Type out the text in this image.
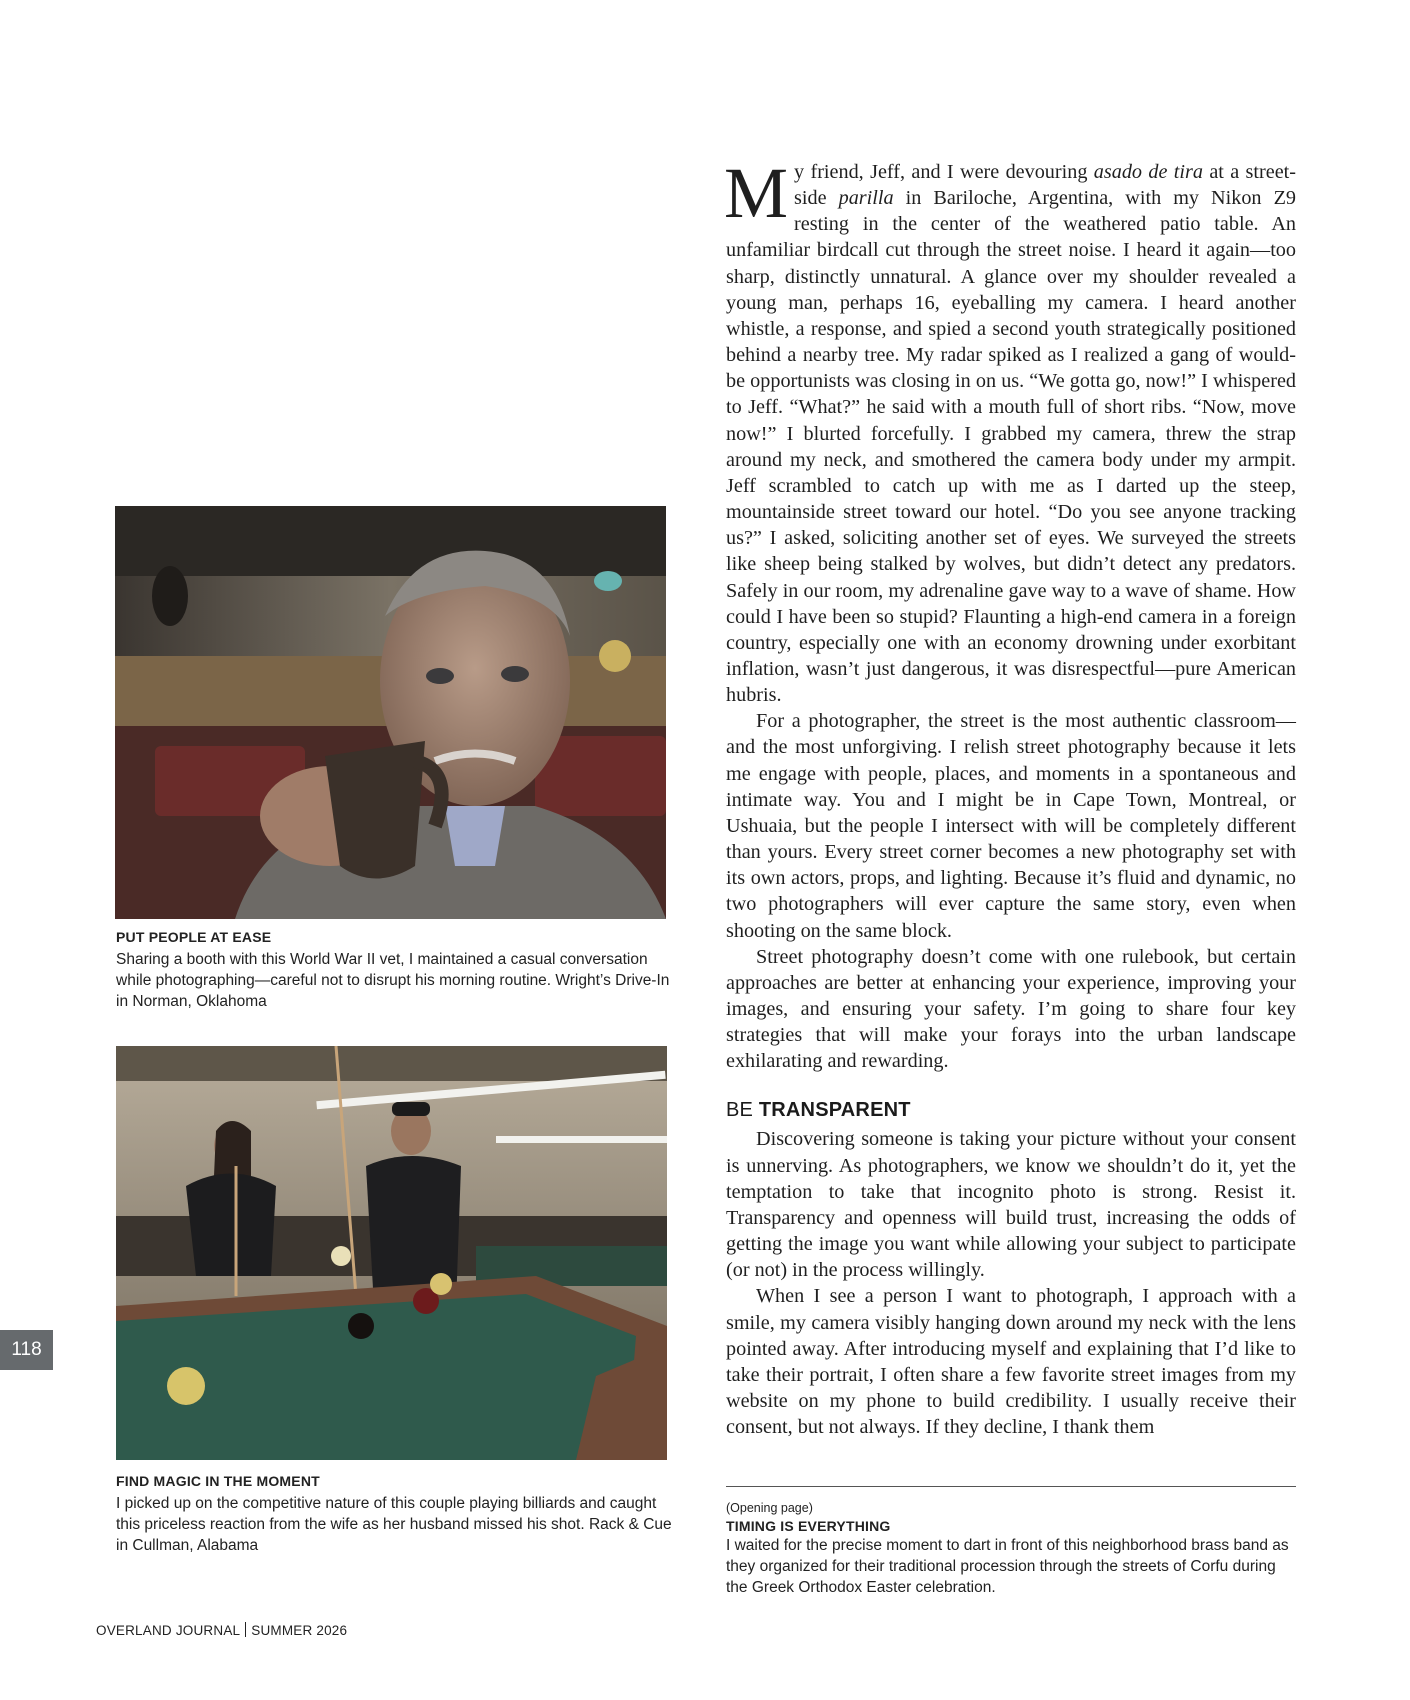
PUT PEOPLE AT EASE
Sharing a booth with this World War II vet, I maintained a casual conversation while photographing—careful not to disrupt his morning routine. Wright’s Drive-In in Norman, Oklahoma
FIND MAGIC IN THE MOMENT
I picked up on the competitive nature of this couple playing billiards and caught this priceless reaction from the wife as her husband missed his shot. Rack & Cue in Cullman, Alabama
118
OVERLAND JOURNAL SUMMER 2026

My friend, Jeff, and I were devouring asado de tira at a street-side parilla in Bariloche, Argentina, with my Nikon Z9 resting in the center of the weathered patio table. An unfamiliar birdcall cut through the street noise. I heard it again—too sharp, distinctly unnatural. A glance over my shoulder revealed a young man, perhaps 16, eyeballing my camera. I heard another whistle, a response, and spied a second youth strategically positioned behind a nearby tree. My radar spiked as I realized a gang of would-be opportunists was closing in on us. “We gotta go, now!” I whispered to Jeff. “What?” he said with a mouth full of short ribs. “Now, move now!” I blurted forcefully. I grabbed my camera, threw the strap around my neck, and smothered the camera body under my armpit. Jeff scrambled to catch up with me as I darted up the steep, mountainside street toward our hotel. “Do you see anyone tracking us?” I asked, soliciting another set of eyes. We surveyed the streets like sheep being stalked by wolves, but didn’t detect any predators. Safely in our room, my adrenaline gave way to a wave of shame. How could I have been so stupid? Flaunting a high-end camera in a foreign country, especially one with an economy drowning under exorbitant inflation, wasn’t just dangerous, it was disrespectful—pure American hubris.

For a photographer, the street is the most authentic classroom—and the most unforgiving. I relish street photography because it lets me engage with people, places, and moments in a spontaneous and intimate way. You and I might be in Cape Town, Montreal, or Ushuaia, but the people I intersect with will be completely different than yours. Every street corner becomes a new photography set with its own actors, props, and lighting. Because it’s fluid and dynamic, no two photographers will ever capture the same story, even when shooting on the same block.

Street photography doesn’t come with one rulebook, but certain approaches are better at enhancing your experience, improving your images, and ensuring your safety. I’m going to share four key strategies that will make your forays into the urban landscape exhilarating and rewarding.

BE TRANSPARENT

Discovering someone is taking your picture without your consent is unnerving. As photographers, we know we shouldn’t do it, yet the temptation to take that incognito photo is strong. Resist it. Transparency and openness will build trust, increasing the odds of getting the image you want while allowing your subject to participate (or not) in the process willingly.

When I see a person I want to photograph, I approach with a smile, my camera visibly hanging down around my neck with the lens pointed away. After introducing myself and explaining that I’d like to take their portrait, I often share a few favorite street images from my website on my phone to build credibility. I usually receive their consent, but not always. If they decline, I thank them

(Opening page)
TIMING IS EVERYTHING
I waited for the precise moment to dart in front of this neighborhood brass band as they organized for their traditional procession through the streets of Corfu during the Greek Orthodox Easter celebration.
